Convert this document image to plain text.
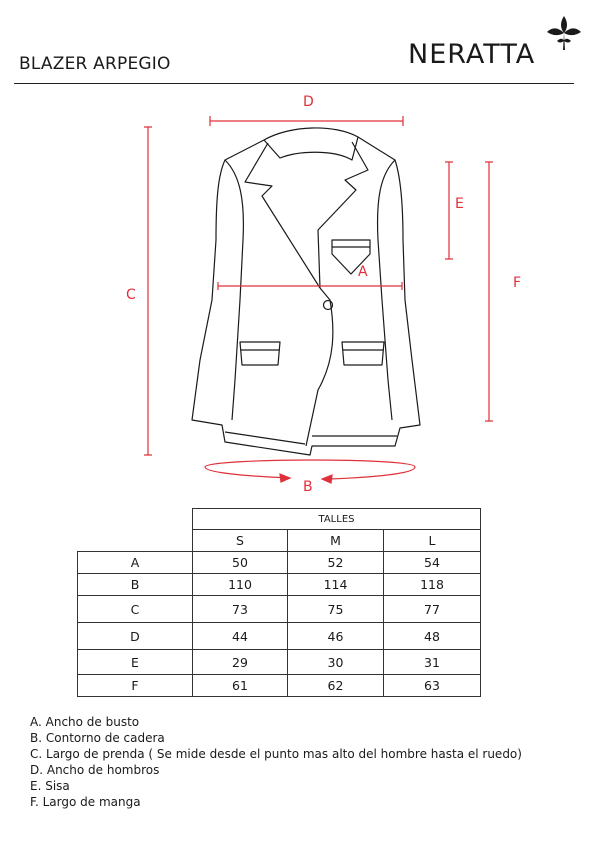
BLAZER ARPEGIO	NERATTA
D
A
C
E
F
B
	TALLES		
	S	M	L
A	50	52	54
B	110	114	118
C	73	75	77
D	44	46	48
E	29	30	31
F	61	62	63
A. Ancho de busto
B. Contorno de cadera
C. Largo de prenda ( Se mide desde el punto mas alto del hombre hasta el ruedo)
D. Ancho de hombros
E. Sisa
F. Largo de manga
